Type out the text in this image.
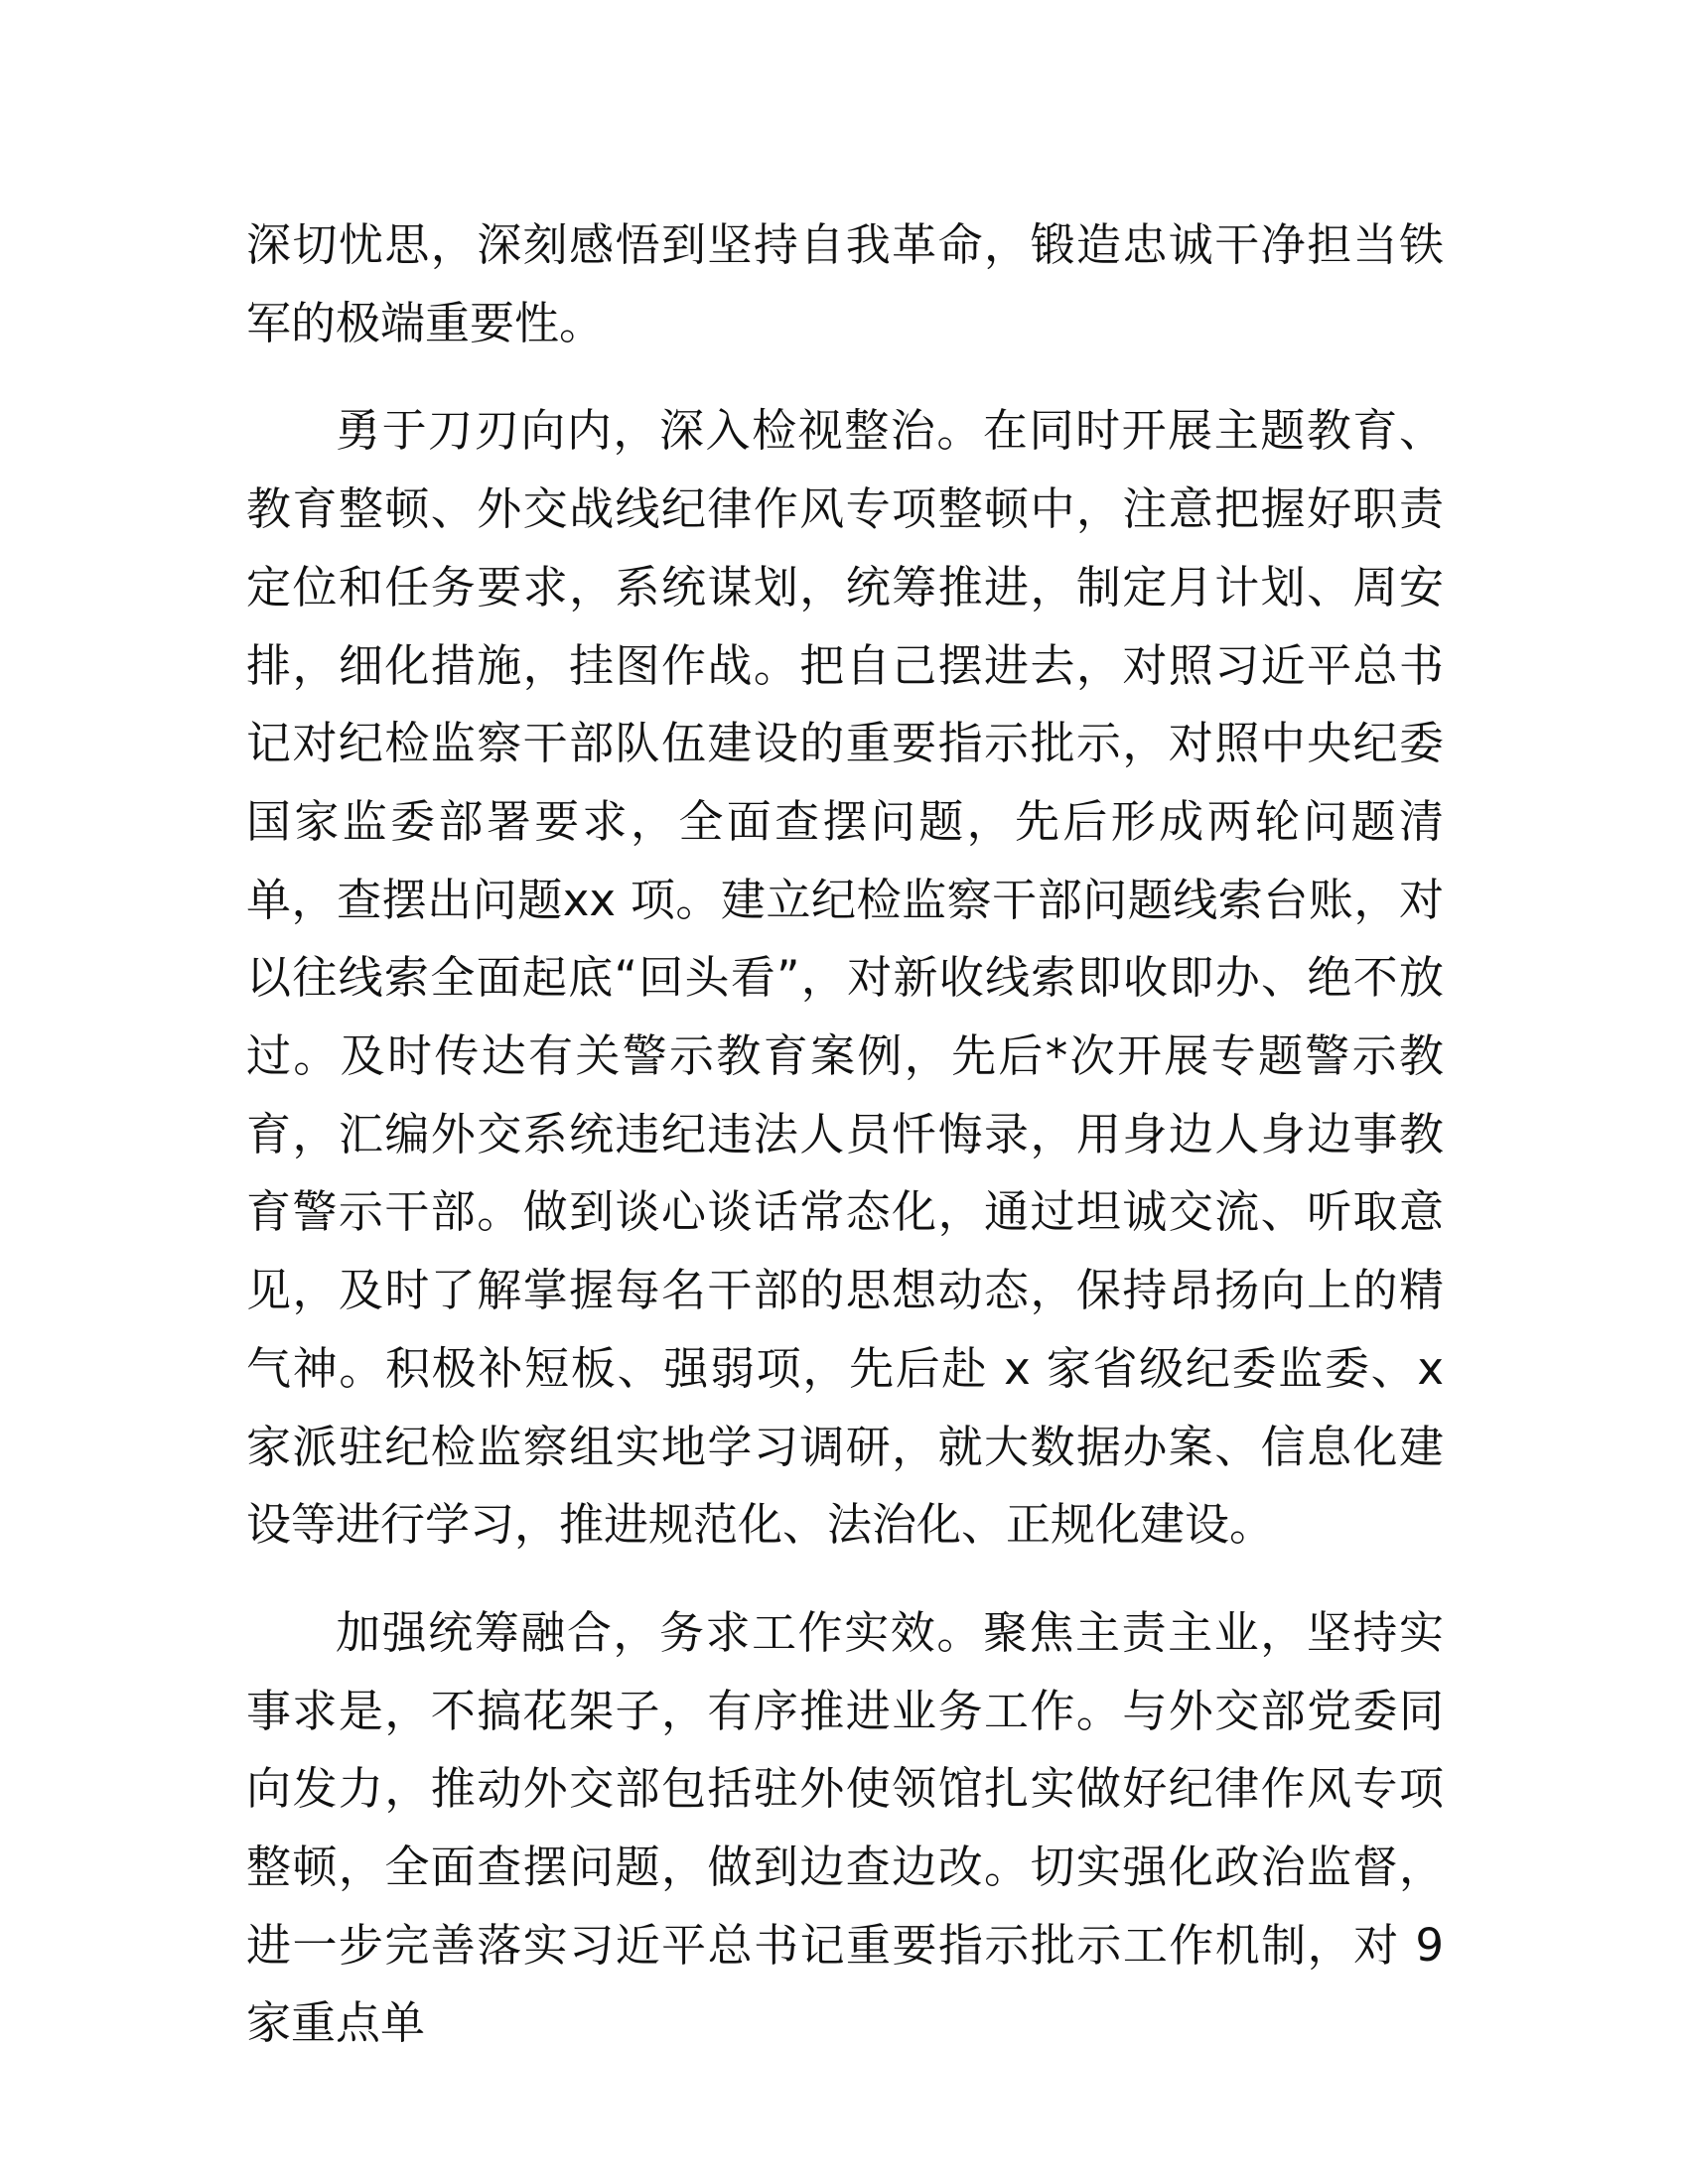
深切忧思，深刻感悟到坚持自我革命，锻造忠诚干净担当铁军的极端重要性。

勇于刀刃向内，深入检视整治。在同时开展主题教育、教育整顿、外交战线纪律作风专项整顿中，注意把握好职责定位和任务要求，系统谋划，统筹推进，制定月计划、周安排，细化措施，挂图作战。把自己摆进去，对照习近平总书记对纪检监察干部队伍建设的重要指示批示，对照中央纪委国家监委部署要求，全面查摆问题，先后形成两轮问题清单，查摆出问题xx 项。建立纪检监察干部问题线索台账，对以往线索全面起底“回头看”，对新收线索即收即办、绝不放过。及时传达有关警示教育案例，先后*次开展专题警示教育，汇编外交系统违纪违法人员忏悔录，用身边人身边事教育警示干部。做到谈心谈话常态化，通过坦诚交流、听取意见，及时了解掌握每名干部的思想动态，保持昂扬向上的精气神。积极补短板、强弱项，先后赴 x 家省级纪委监委、x 家派驻纪检监察组实地学习调研，就大数据办案、信息化建设等进行学习，推进规范化、法治化、正规化建设。

加强统筹融合，务求工作实效。聚焦主责主业，坚持实事求是，不搞花架子，有序推进业务工作。与外交部党委同向发力，推动外交部包括驻外使领馆扎实做好纪律作风专项整顿，全面查摆问题，做到边查边改。切实强化政治监督，进一步完善落实习近平总书记重要指示批示工作机制，对 9 家重点单
